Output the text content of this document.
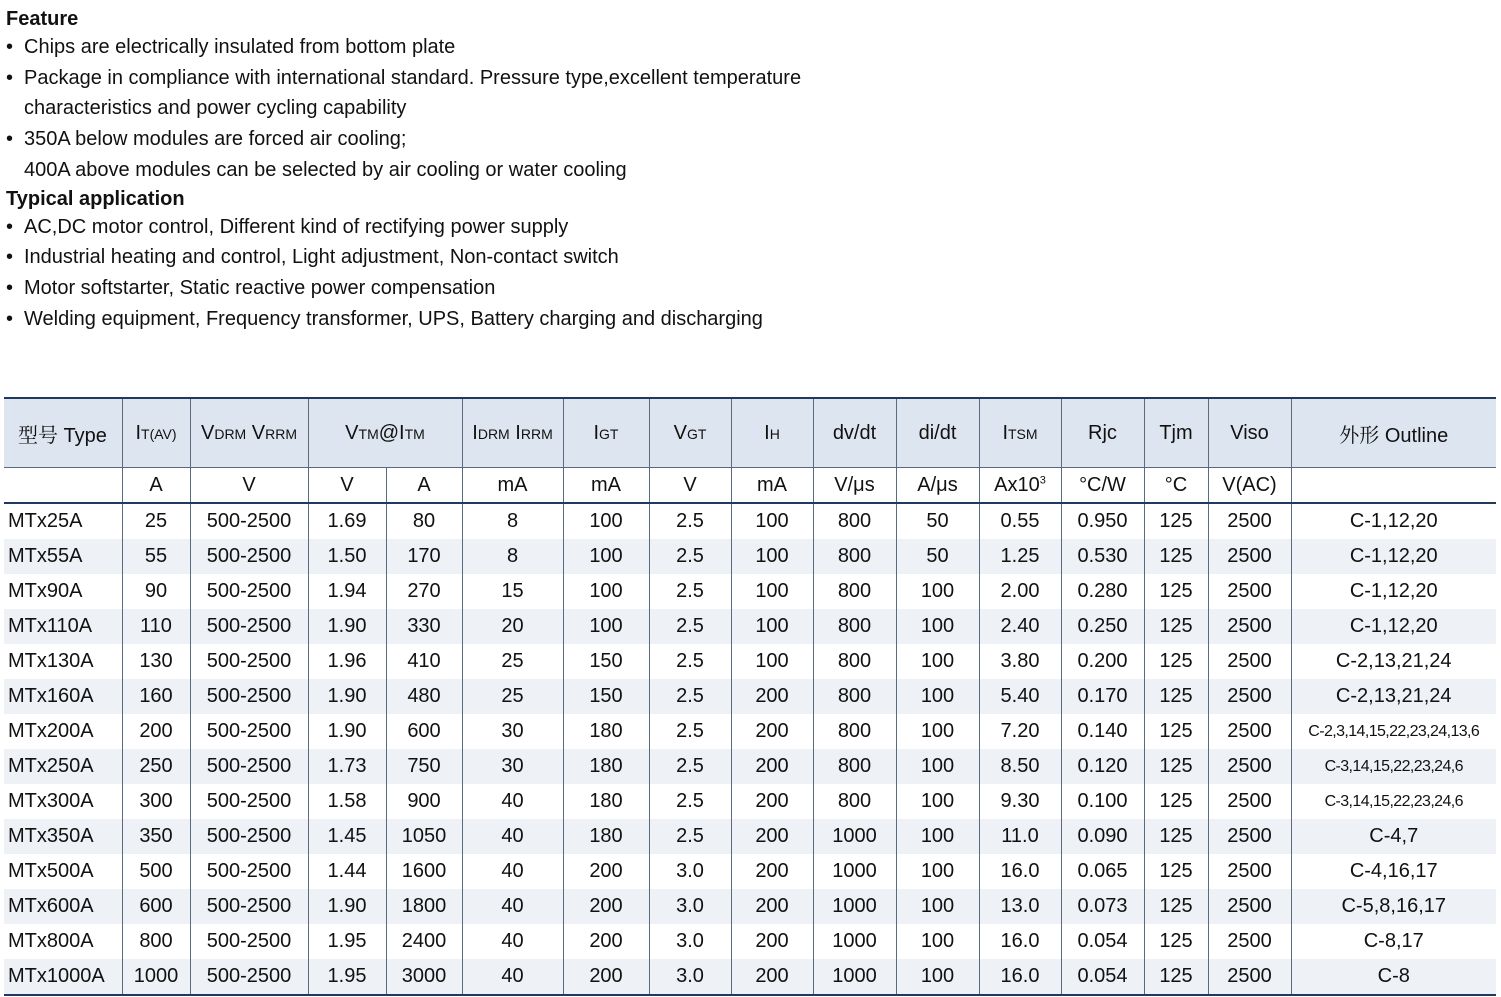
Feature
• Chips are electrically insulated from bottom plate
• Package in compliance with international standard. Pressure type,excellent temperature
characteristics and power cycling capability
• 350A below modules are forced air cooling;
400A above modules can be selected by air cooling or water cooling
Typical application
• AC,DC motor control, Different kind of rectifying power supply
• Industrial heating and control, Light adjustment, Non-contact switch
• Motor softstarter, Static reactive power compensation
• Welding equipment, Frequency transformer, UPS, Battery charging and discharging
型号 Type	IT(AV)	VDRM VRRM	VTM@ITM		IDRM IRRM	IGT	VGT	IH	dv/dt	di/dt	ITSM	Rjc	Tjm	Viso	外形 Outline
	A	V	V	A	mA	mA	V	mA	V/μs	A/μs	$Ax10^3$	°C/W	°C	V(AC)	
MTx25A	25	500-2500	1.69	80	8	100	2.5	100	800	50	0.55	0.950	125	2500	C-1,12,20
MTx55A	55	500-2500	1.50	170	8	100	2.5	100	800	50	1.25	0.530	125	2500	C-1,12,20
MTx90A	90	500-2500	1.94	270	15	100	2.5	100	800	100	2.00	0.280	125	2500	C-1,12,20
MTx110A	110	500-2500	1.90	330	20	100	2.5	100	800	100	2.40	0.250	125	2500	C-1,12,20
MTx130A	130	500-2500	1.96	410	25	150	2.5	100	800	100	3.80	0.200	125	2500	C-2,13,21,24
MTx160A	160	500-2500	1.90	480	25	150	2.5	200	800	100	5.40	0.170	125	2500	C-2,13,21,24
MTx200A	200	500-2500	1.90	600	30	180	2.5	200	800	100	7.20	0.140	125	2500	C-2,3,14,15,22,23,24,13,6
MTx250A	250	500-2500	1.73	750	30	180	2.5	200	800	100	8.50	0.120	125	2500	C-3,14,15,22,23,24,6
MTx300A	300	500-2500	1.58	900	40	180	2.5	200	800	100	9.30	0.100	125	2500	C-3,14,15,22,23,24,6
MTx350A	350	500-2500	1.45	1050	40	180	2.5	200	1000	100	11.0	0.090	125	2500	C-4,7
MTx500A	500	500-2500	1.44	1600	40	200	3.0	200	1000	100	16.0	0.065	125	2500	C-4,16,17
MTx600A	600	500-2500	1.90	1800	40	200	3.0	200	1000	100	13.0	0.073	125	2500	C-5,8,16,17
MTx800A	800	500-2500	1.95	2400	40	200	3.0	200	1000	100	16.0	0.054	125	2500	C-8,17
MTx1000A	1000	500-2500	1.95	3000	40	200	3.0	200	1000	100	16.0	0.054	125	2500	C-8
